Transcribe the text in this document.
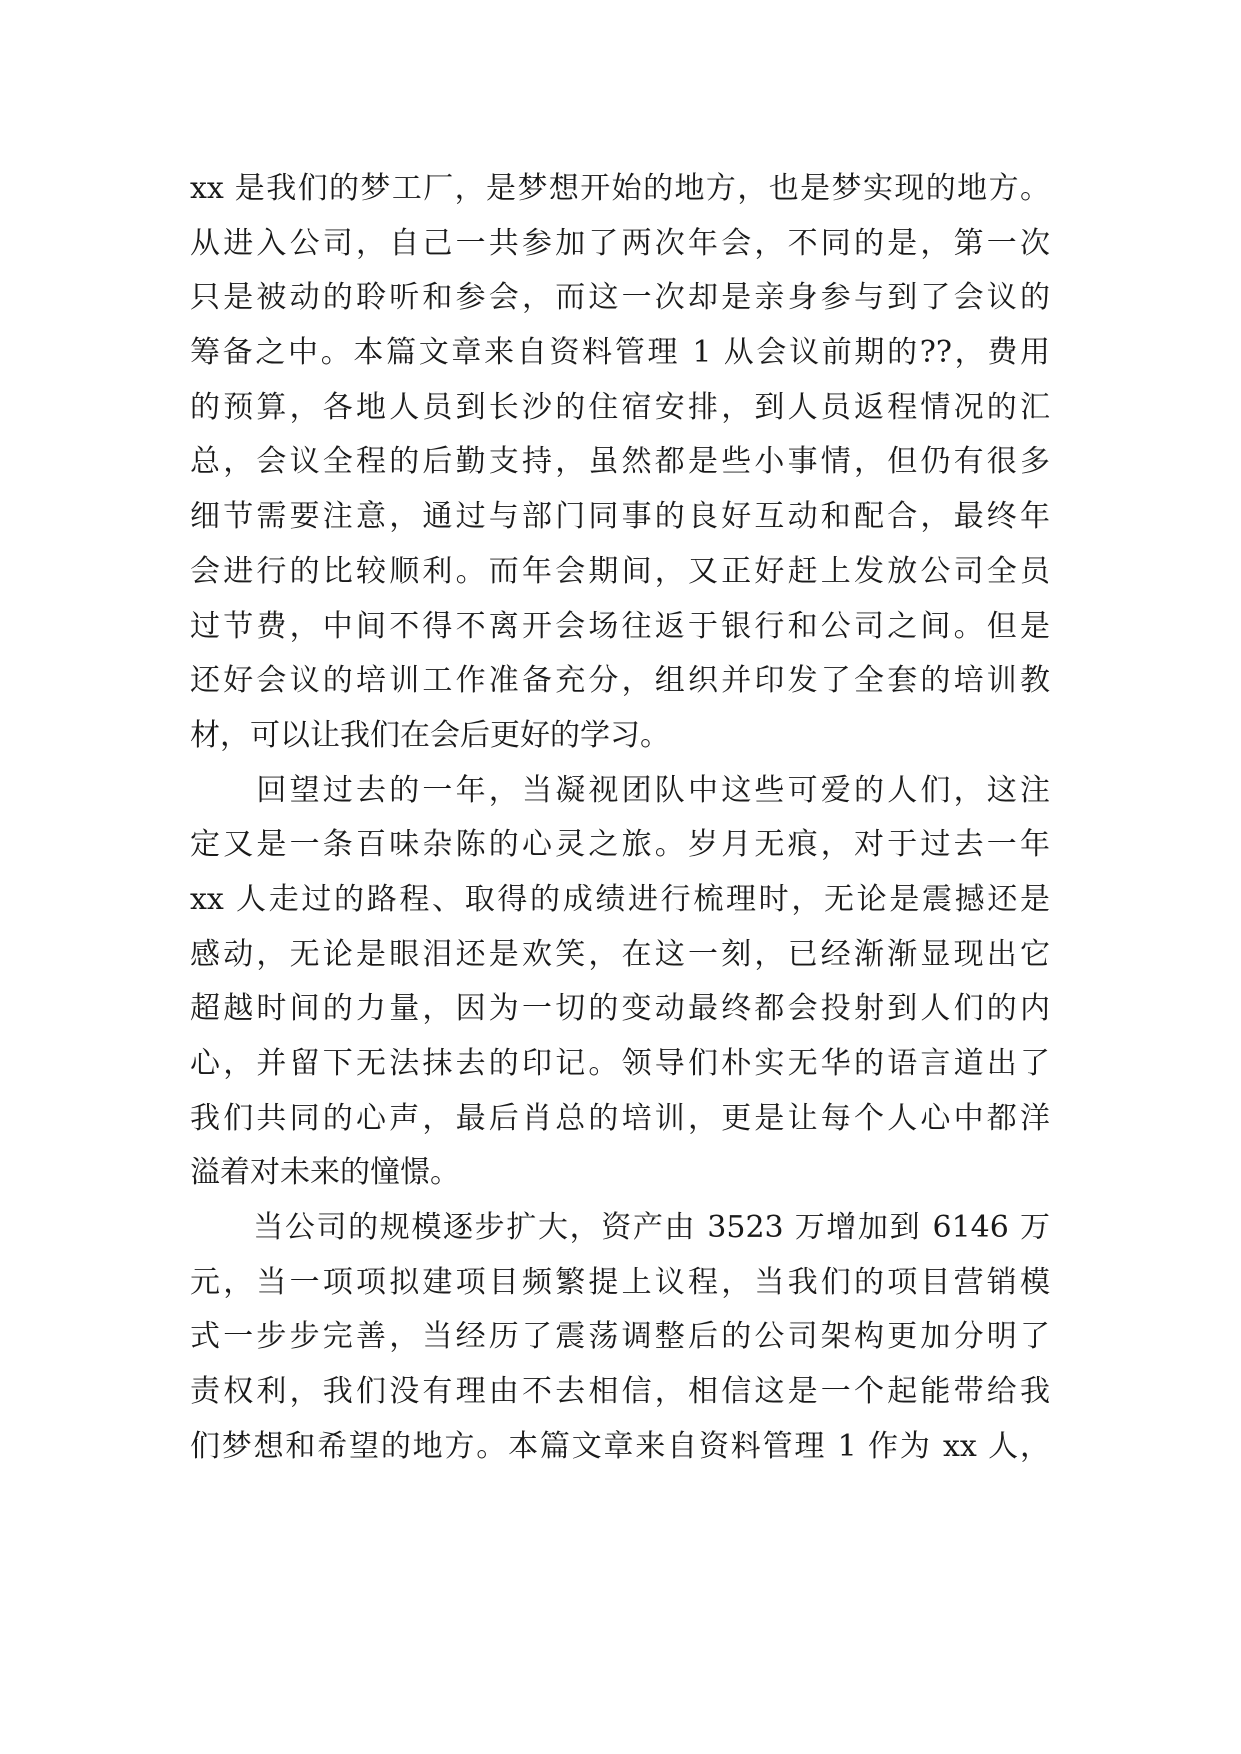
xx 是我们的梦工厂，是梦想开始的地方，也是梦实现的地方。
从进入公司，自己一共参加了两次年会，不同的是，第一次
只是被动的聆听和参会，而这一次却是亲身参与到了会议的
筹备之中。本篇文章来自资料管理 1 从会议前期的??，费用
的预算，各地人员到长沙的住宿安排，到人员返程情况的汇
总，会议全程的后勤支持，虽然都是些小事情，但仍有很多
细节需要注意，通过与部门同事的良好互动和配合，最终年
会进行的比较顺利。而年会期间，又正好赶上发放公司全员
过节费，中间不得不离开会场往返于银行和公司之间。但是
还好会议的培训工作准备充分，组织并印发了全套的培训教
材，可以让我们在会后更好的学习。
　　回望过去的一年，当凝视团队中这些可爱的人们，这注
定又是一条百味杂陈的心灵之旅。岁月无痕，对于过去一年
xx 人走过的路程、取得的成绩进行梳理时，无论是震撼还是
感动，无论是眼泪还是欢笑，在这一刻，已经渐渐显现出它
超越时间的力量，因为一切的变动最终都会投射到人们的内
心，并留下无法抹去的印记。领导们朴实无华的语言道出了
我们共同的心声，最后肖总的培训，更是让每个人心中都洋
溢着对未来的憧憬。
　　当公司的规模逐步扩大，资产由 3523 万增加到 6146 万
元，当一项项拟建项目频繁提上议程，当我们的项目营销模
式一步步完善，当经历了震荡调整后的公司架构更加分明了
责权利，我们没有理由不去相信，相信这是一个起能带给我
们梦想和希望的地方。本篇文章来自资料管理 1 作为 xx 人，
